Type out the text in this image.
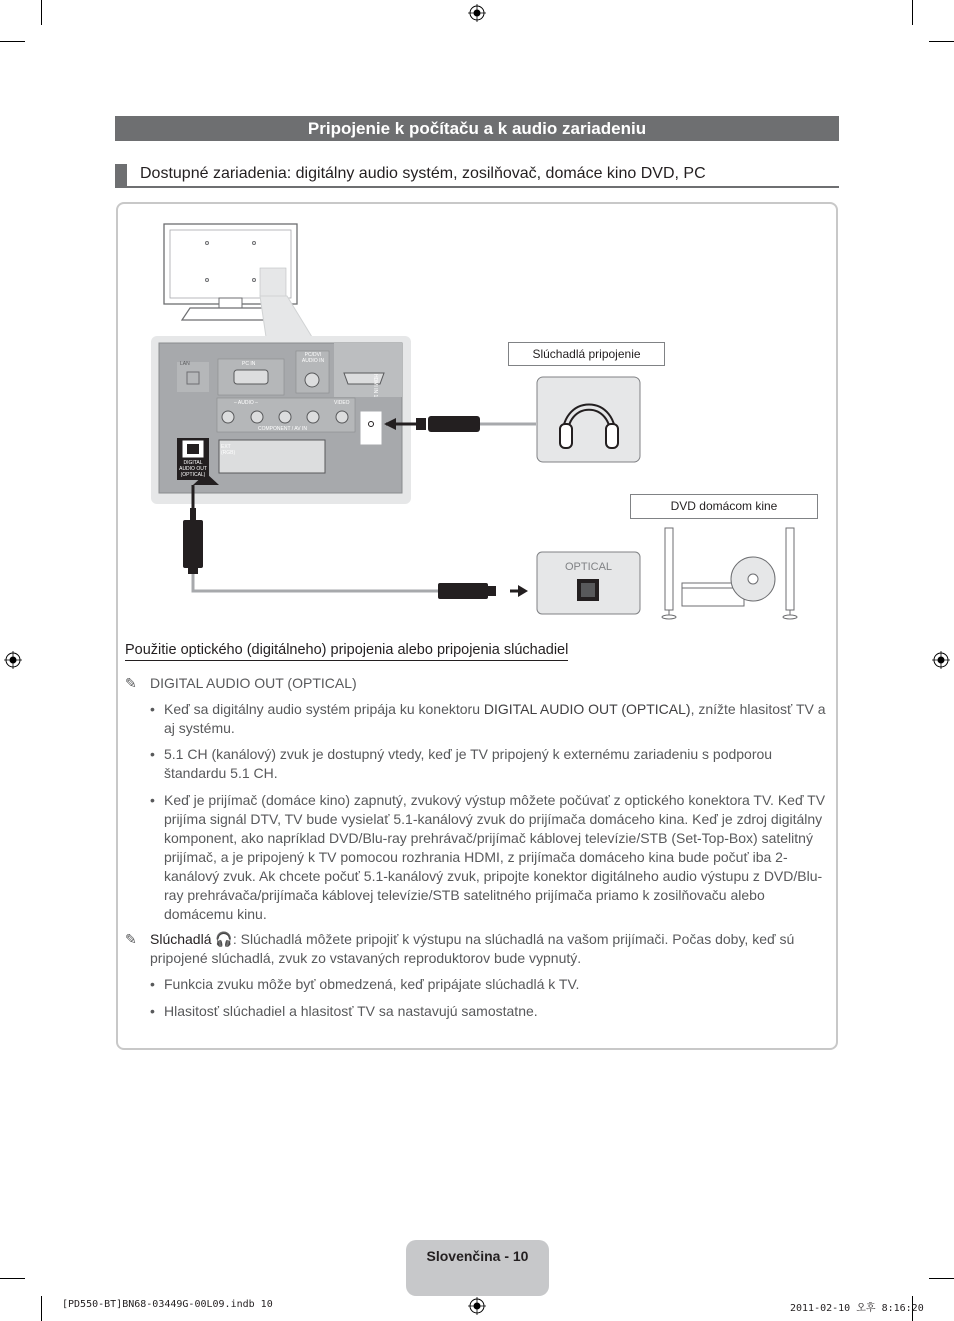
Pripojenie k počítaču a k audio zariadeniu
Dostupné zariadenia: digitálny audio systém, zosilňovač, domáce kino DVD, PC
LAN	PC IN
PC/DVI AUDIO IN
HDMI IN 1
– AUDIO –	VIDEO
COMPONENT / AV IN
EXT (RGB)
DIGITAL AUDIO OUT (OPTICAL)
Slúchadlá pripojenie
DVD domácom kine
OPTICAL
Použitie optického (digitálneho) pripojenia alebo pripojenia slúchadiel
✎ DIGITAL AUDIO OUT (OPTICAL)
• Keď sa digitálny audio systém pripája ku konektoru DIGITAL AUDIO OUT (OPTICAL), znížte hlasitosť TV a aj systému.
• 5.1 CH (kanálový) zvuk je dostupný vtedy, keď je TV pripojený k externému zariadeniu s podporou štandardu 5.1 CH.
• Keď je prijímač (domáce kino) zapnutý, zvukový výstup môžete počúvať z optického konektora TV. Keď TV prijíma signál DTV, TV bude vysielať 5.1-kanálový zvuk do prijímača domáceho kina. Keď je zdroj digitálny komponent, ako napríklad DVD/Blu-ray prehrávač/prijímač káblovej televízie/STB (Set-Top-Box) satelitný prijímač, a je pripojený k TV pomocou rozhrania HDMI, z prijímača domáceho kina bude počuť iba 2-kanálový zvuk. Ak chcete počuť 5.1-kanálový zvuk, pripojte konektor digitálneho audio výstupu z DVD/Blu-ray prehrávača/prijímača káblovej televízie/STB satelitného prijímača priamo k zosilňovaču alebo domácemu kinu.
✎ Slúchadlá 🎧: Slúchadlá môžete pripojiť k výstupu na slúchadlá na vašom prijímači. Počas doby, keď sú pripojené slúchadlá, zvuk zo vstavaných reproduktorov bude vypnutý.
• Funkcia zvuku môže byť obmedzená, keď pripájate slúchadlá k TV.
• Hlasitosť slúchadiel a hlasitosť TV sa nastavujú samostatne.
Slovenčina - 10
[PD550-BT]BN68-03449G-00L09.indb 10	2011-02-10 오후 8:16:20
